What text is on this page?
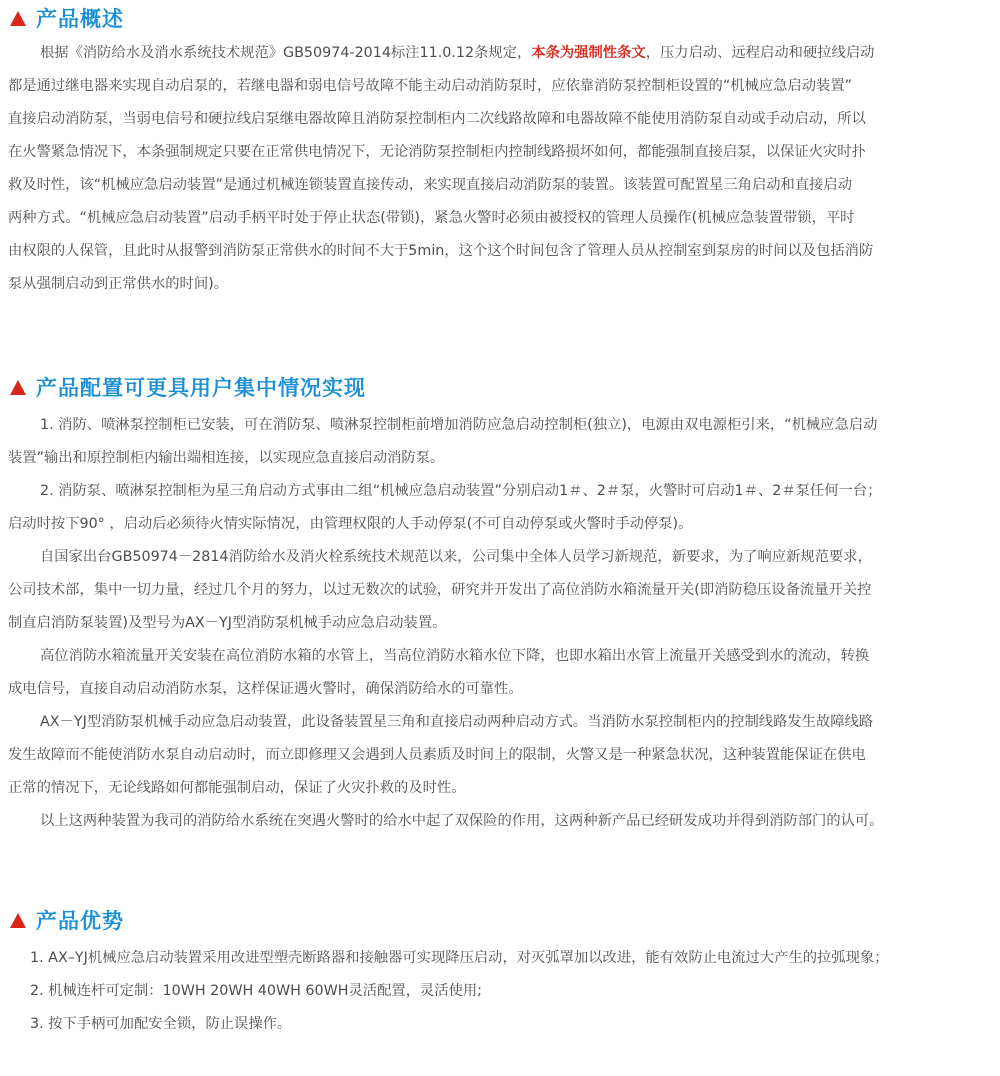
产品概述
根据《消防给水及消水系统技术规范》GB50974-2014标注11.0.12条规定，本条为强制性条文，压力启动、远程启动和硬拉线启动
都是通过继电器来实现自动启泵的，若继电器和弱电信号故障不能主动启动消防泵时，应依靠消防泵控制柜设置的“机械应急启动装置”
直接启动消防泵，当弱电信号和硬拉线启泵继电器故障且消防泵控制柜内二次线路故障和电器故障不能使用消防泵自动或手动启动，所以
在火警紧急情况下，本条强制规定只要在正常供电情况下，无论消防泵控制柜内控制线路损坏如何，都能强制直接启泵，以保证火灾时扑
救及时性，该“机械应急启动装置”是通过机械连锁装置直接传动，来实现直接启动消防泵的装置。该装置可配置星三角启动和直接启动
两种方式。“机械应急启动装置”启动手柄平时处于停止状态(带锁)，紧急火警时必须由被授权的管理人员操作(机械应急装置带锁，平时
由权限的人保管，且此时从报警到消防泵正常供水的时间不大于5min，这个这个时间包含了管理人员从控制室到泵房的时间以及包括消防
泵从强制启动到正常供水的时间)。
产品配置可更具用户集中情况实现
1. 消防、喷淋泵控制柜已安装，可在消防泵、喷淋泵控制柜前增加消防应急启动控制柜(独立)，电源由双电源柜引来，“机械应急启动
装置”输出和原控制柜内输出端相连接，以实现应急直接启动消防泵。
2. 消防泵、喷淋泵控制柜为星三角启动方式事由二组“机械应急启动装置”分别启动1＃、2＃泵，火警时可启动1＃、2＃泵任何一台；
启动时按下90° ，启动后必须待火情实际情况，由管理权限的人手动停泵(不可自动停泵或火警时手动停泵)。
自国家出台GB50974－2814消防给水及消火栓系统技术规范以来，公司集中全体人员学习新规范，新要求，为了响应新规范要求，
公司技术部，集中一切力量，经过几个月的努力，以过无数次的试验，研究并开发出了高位消防水箱流量开关(即消防稳压设备流量开关控
制直启消防泵装置)及型号为AX－YJ型消防泵机械手动应急启动装置。
高位消防水箱流量开关安装在高位消防水箱的水管上，当高位消防水箱水位下降，也即水箱出水管上流量开关感受到水的流动，转换
成电信号，直接自动启动消防水泵，这样保证遇火警时，确保消防给水的可靠性。
AX－YJ型消防泵机械手动应急启动装置，此设备装置星三角和直接启动两种启动方式。当消防水泵控制柜内的控制线路发生故障线路
发生故障而不能使消防水泵自动启动时，而立即修理又会遇到人员素质及时间上的限制，火警又是一种紧急状况，这种装置能保证在供电
正常的情况下，无论线路如何都能强制启动，保证了火灾扑救的及时性。
以上这两种装置为我司的消防给水系统在突遇火警时的给水中起了双保险的作用，这两种新产品已经研发成功并得到消防部门的认可。
产品优势
1. AX–YJ机械应急启动装置采用改进型塑壳断路器和接触器可实现降压启动，对灭弧罩加以改进，能有效防止电流过大产生的拉弧现象；
2. 机械连杆可定制：10WH 20WH 40WH 60WH灵活配置，灵活使用;
3. 按下手柄可加配安全锁，防止误操作。
